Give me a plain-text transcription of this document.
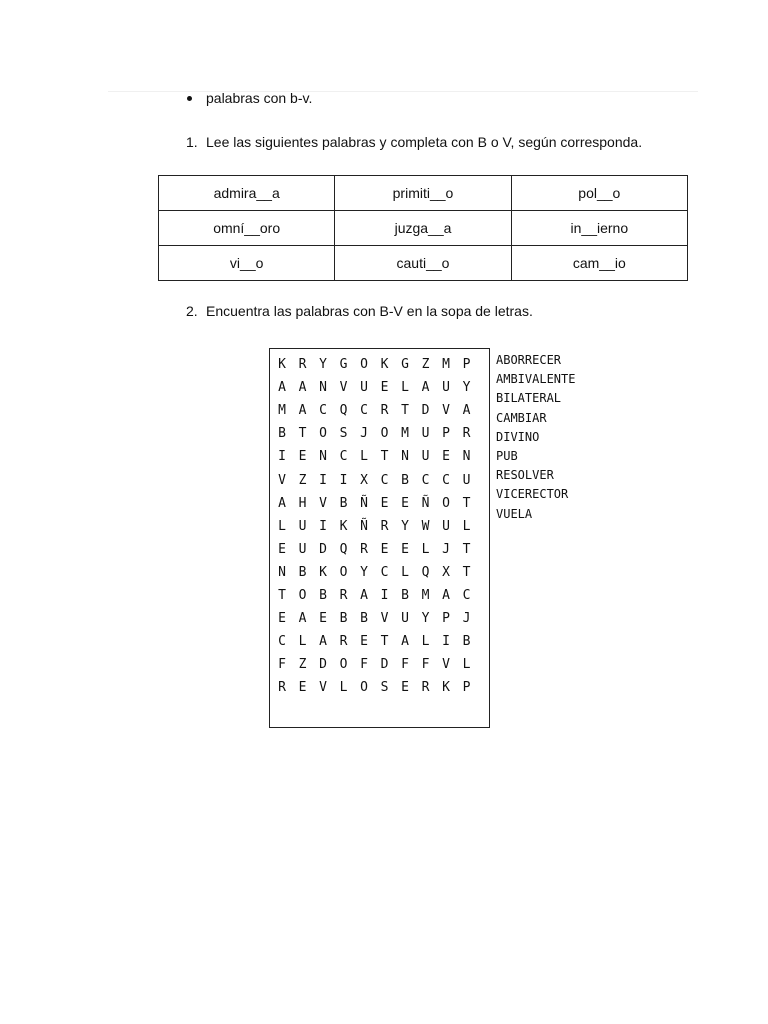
palabras con b-v.
1. Lee las siguientes palabras y completa con B o V, según corresponda.
admira__a	primiti__o	pol__o
omní__oro	juzga__a	in__ierno
vi__o	cauti__o	cam__io
2. Encuentra las palabras con B-V en la sopa de letras.
K R Y G O K G Z M P
A A N V U E L A U Y
M A C Q C R T D V A
B T O S J O M U P R
I E N C L T N U E N
V Z I I X C B C C U
A H V B Ñ E E Ñ O T
L U I K Ñ R Y W U L
E U D Q R E E L J T
N B K O Y C L Q X T
T O B R A I B M A C
E A E B B V U Y P J
C L A R E T A L I B
F Z D O F D F F V L
R E V L O S E R K P
ABORRECER
AMBIVALENTE
BILATERAL
CAMBIAR
DIVINO
PUB
RESOLVER
VICERECTOR
VUELA
